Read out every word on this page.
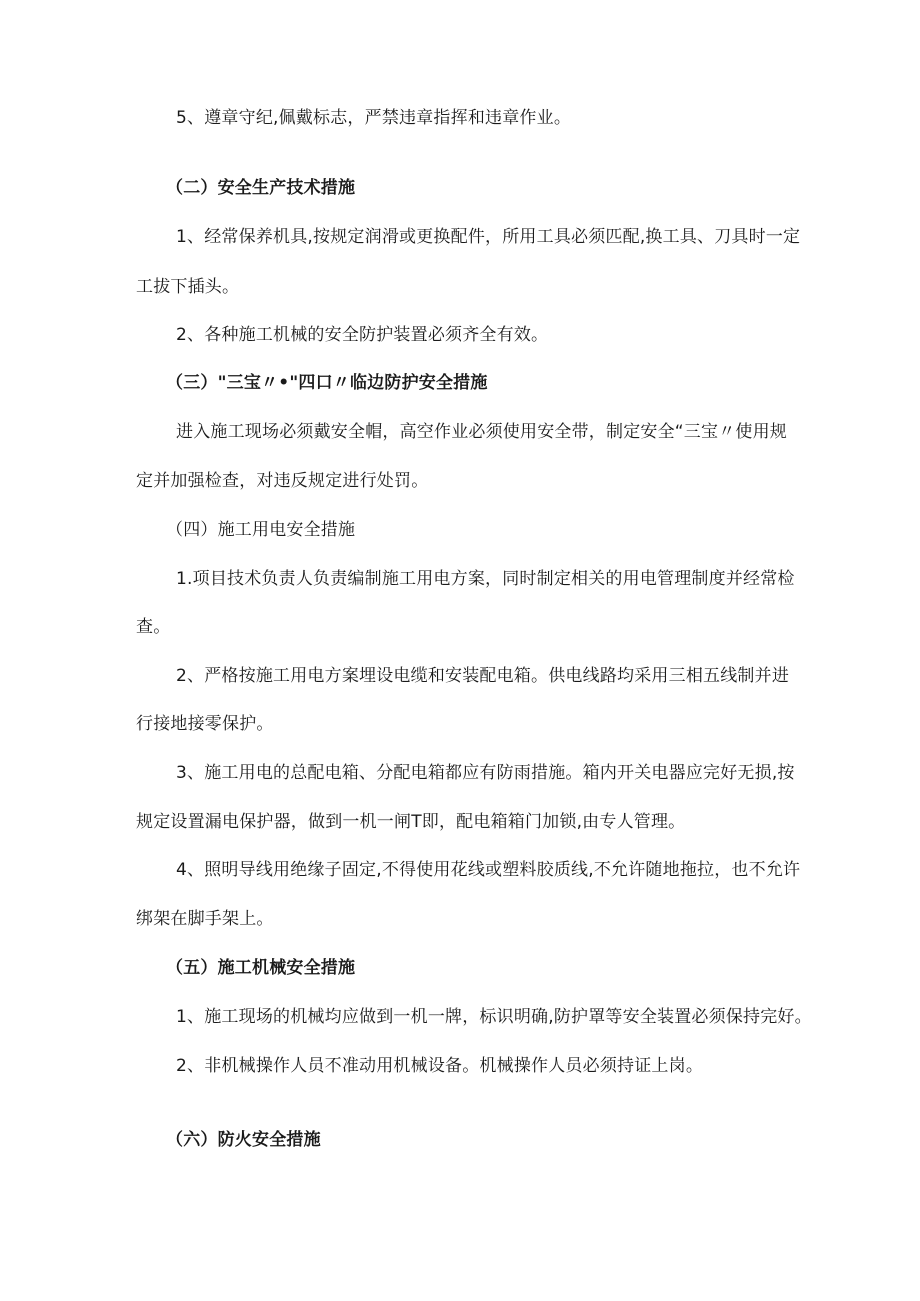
5、遵章守纪,佩戴标志，严禁违章指挥和违章作业。
（二）安全生产技术措施
1、经常保养机具,按规定润滑或更换配件，所用工具必须匹配,换工具、刀具时一定
工拔下插头。
2、各种施工机械的安全防护装置必须齐全有效。
（三）"三宝〃•"四口〃临边防护安全措施
进入施工现场必须戴安全帽，高空作业必须使用安全带，制定安全“三宝〃使用规
定并加强检查，对违反规定进行处罚。
（四）施工用电安全措施
1.项目技术负责人负责编制施工用电方案，同时制定相关的用电管理制度并经常检
查。
2、严格按施工用电方案埋设电缆和安装配电箱。供电线路均采用三相五线制并进
行接地接零保护。
3、施工用电的总配电箱、分配电箱都应有防雨措施。箱内开关电器应完好无损,按
规定设置漏电保护器，做到一机一闸T即，配电箱箱门加锁,由专人管理。
4、照明导线用绝缘子固定,不得使用花线或塑料胶质线,不允许随地拖拉，也不允许
绑架在脚手架上。
（五）施工机械安全措施
1、施工现场的机械均应做到一机一牌，标识明确,防护罩等安全装置必须保持完好。
2、非机械操作人员不准动用机械设备。机械操作人员必须持证上岗。
（六）防火安全措施
